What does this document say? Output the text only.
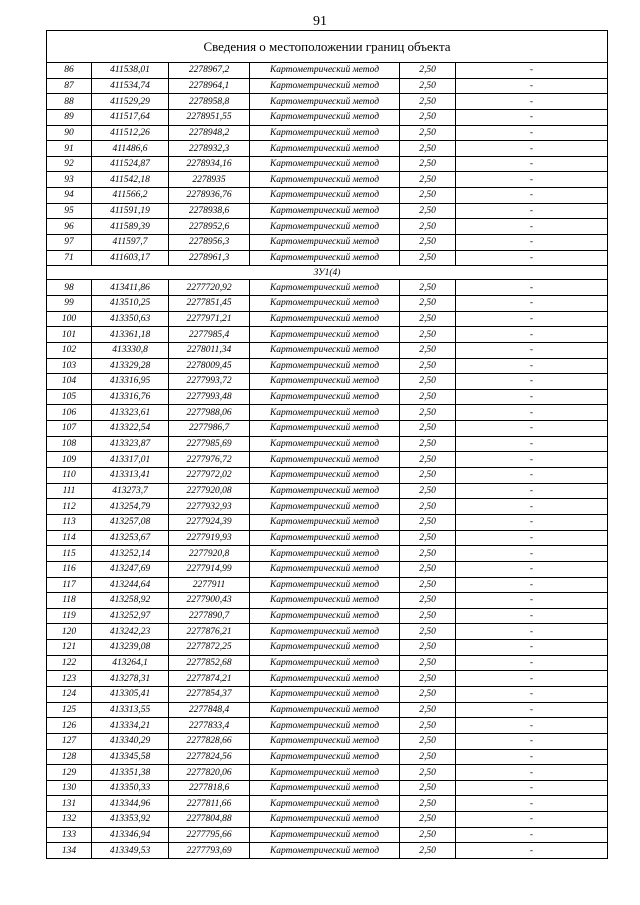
91
Сведения о местоположении границ объекта					
86	411538,01	2278967,2	Картометрический метод	2,50	-
87	411534,74	2278964,1	Картометрический метод	2,50	-
88	411529,29	2278958,8	Картометрический метод	2,50	-
89	411517,64	2278951,55	Картометрический метод	2,50	-
90	411512,26	2278948,2	Картометрический метод	2,50	-
91	411486,6	2278932,3	Картометрический метод	2,50	-
92	411524,87	2278934,16	Картометрический метод	2,50	-
93	411542,18	2278935	Картометрический метод	2,50	-
94	411566,2	2278936,76	Картометрический метод	2,50	-
95	411591,19	2278938,6	Картометрический метод	2,50	-
96	411589,39	2278952,6	Картометрический метод	2,50	-
97	411597,7	2278956,3	Картометрический метод	2,50	-
71	411603,17	2278961,3	Картометрический метод	2,50	-
ЗУ1(4)					
98	413411,86	2277720,92	Картометрический метод	2,50	-
99	413510,25	2277851,45	Картометрический метод	2,50	-
100	413350,63	2277971,21	Картометрический метод	2,50	-
101	413361,18	2277985,4	Картометрический метод	2,50	-
102	413330,8	2278011,34	Картометрический метод	2,50	-
103	413329,28	2278009,45	Картометрический метод	2,50	-
104	413316,95	2277993,72	Картометрический метод	2,50	-
105	413316,76	2277993,48	Картометрический метод	2,50	-
106	413323,61	2277988,06	Картометрический метод	2,50	-
107	413322,54	2277986,7	Картометрический метод	2,50	-
108	413323,87	2277985,69	Картометрический метод	2,50	-
109	413317,01	2277976,72	Картометрический метод	2,50	-
110	413313,41	2277972,02	Картометрический метод	2,50	-
111	413273,7	2277920,08	Картометрический метод	2,50	-
112	413254,79	2277932,93	Картометрический метод	2,50	-
113	413257,08	2277924,39	Картометрический метод	2,50	-
114	413253,67	2277919,93	Картометрический метод	2,50	-
115	413252,14	2277920,8	Картометрический метод	2,50	-
116	413247,69	2277914,99	Картометрический метод	2,50	-
117	413244,64	2277911	Картометрический метод	2,50	-
118	413258,92	2277900,43	Картометрический метод	2,50	-
119	413252,97	2277890,7	Картометрический метод	2,50	-
120	413242,23	2277876,21	Картометрический метод	2,50	-
121	413239,08	2277872,25	Картометрический метод	2,50	-
122	413264,1	2277852,68	Картометрический метод	2,50	-
123	413278,31	2277874,21	Картометрический метод	2,50	-
124	413305,41	2277854,37	Картометрический метод	2,50	-
125	413313,55	2277848,4	Картометрический метод	2,50	-
126	413334,21	2277833,4	Картометрический метод	2,50	-
127	413340,29	2277828,66	Картометрический метод	2,50	-
128	413345,58	2277824,56	Картометрический метод	2,50	-
129	413351,38	2277820,06	Картометрический метод	2,50	-
130	413350,33	2277818,6	Картометрический метод	2,50	-
131	413344,96	2277811,66	Картометрический метод	2,50	-
132	413353,92	2277804,88	Картометрический метод	2,50	-
133	413346,94	2277795,66	Картометрический метод	2,50	-
134	413349,53	2277793,69	Картометрический метод	2,50	-
